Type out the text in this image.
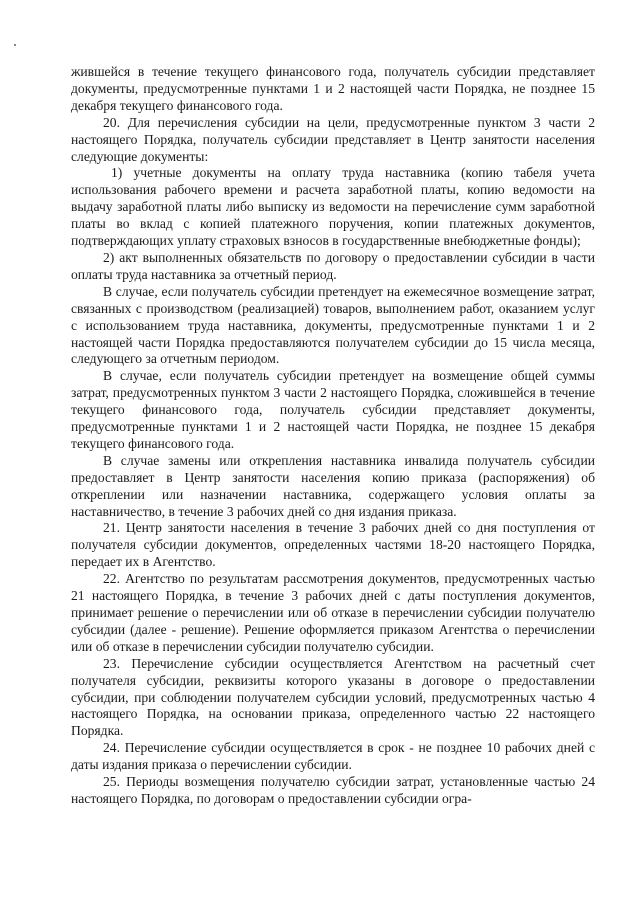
жившейся в течение текущего финансового года, получатель субсидии представляет документы, предусмотренные пунктами 1 и 2 настоящей части Порядка, не позднее 15 декабря текущего финансового года.

20. Для перечисления субсидии на цели, предусмотренные пунктом 3 части 2 настоящего Порядка, получатель субсидии представляет в Центр занятости населения следующие документы:

1) учетные документы на оплату труда наставника (копию табеля учета использования рабочего времени и расчета заработной платы, копию ведомости на выдачу заработной платы либо выписку из ведомости на перечисление сумм заработной платы во вклад с копией платежного поручения, копии платежных документов, подтверждающих уплату страховых взносов в государственные внебюджетные фонды);

2) акт выполненных обязательств по договору о предоставлении субсидии в части оплаты труда наставника за отчетный период.

В случае, если получатель субсидии претендует на ежемесячное возмещение затрат, связанных с производством (реализацией) товаров, выполнением работ, оказанием услуг с использованием труда наставника, документы, предусмотренные пунктами 1 и 2 настоящей части Порядка предоставляются получателем субсидии до 15 числа месяца, следующего за отчетным периодом.

В случае, если получатель субсидии претендует на возмещение общей суммы затрат, предусмотренных пунктом 3 части 2 настоящего Порядка, сложившейся в течение текущего финансового года, получатель субсидии представляет документы, предусмотренные пунктами 1 и 2 настоящей части Порядка, не позднее 15 декабря текущего финансового года.

В случае замены или открепления наставника инвалида получатель субсидии предоставляет в Центр занятости населения копию приказа (распоряжения) об откреплении или назначении наставника, содержащего условия оплаты за наставничество, в течение 3 рабочих дней со дня издания приказа.

21. Центр занятости населения в течение 3 рабочих дней со дня поступления от получателя субсидии документов, определенных частями 18-20 настоящего Порядка, передает их в Агентство.

22. Агентство по результатам рассмотрения документов, предусмотренных частью 21 настоящего Порядка, в течение 3 рабочих дней с даты поступления документов, принимает решение о перечислении или об отказе в перечислении субсидии получателю субсидии (далее - решение). Решение оформляется приказом Агентства о перечислении или об отказе в перечислении субсидии получателю субсидии.

23. Перечисление субсидии осуществляется Агентством на расчетный счет получателя субсидии, реквизиты которого указаны в договоре о предоставлении субсидии, при соблюдении получателем субсидии условий, предусмотренных частью 4 настоящего Порядка, на основании приказа, определенного частью 22 настоящего Порядка.

24. Перечисление субсидии осуществляется в срок - не позднее 10 рабочих дней с даты издания приказа о перечислении субсидии.

25. Периоды возмещения получателю субсидии затрат, установленные частью 24 настоящего Порядка, по договорам о предоставлении субсидии огра-
